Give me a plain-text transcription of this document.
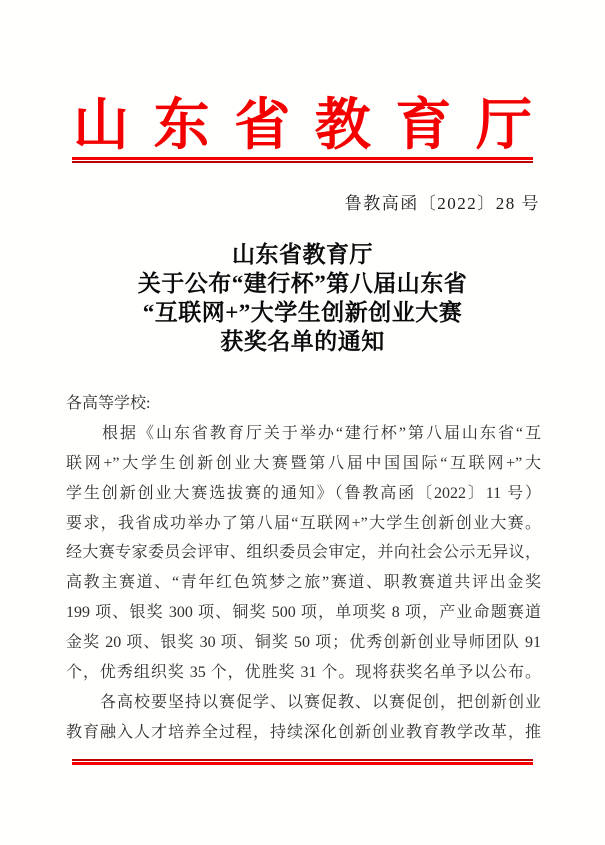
山东省教育厅
鲁教高函〔2022〕28 号
山东省教育厅
关于公布“建行杯”第八届山东省
“互联网+”大学生创新创业大赛
获奖名单的通知
各高等学校:
　　根据《山东省教育厅关于举办“建行杯”第八届山东省“互
联网+”大学生创新创业大赛暨第八届中国国际“互联网+”大
学生创新创业大赛选拔赛的通知》（鲁教高函〔2022〕11 号）
要求，我省成功举办了第八届“互联网+”大学生创新创业大赛。
经大赛专家委员会评审、组织委员会审定，并向社会公示无异议，
高教主赛道、“青年红色筑梦之旅”赛道、职教赛道共评出金奖
199 项、银奖 300 项、铜奖 500 项，单项奖 8 项，产业命题赛道
金奖 20 项、银奖 30 项、铜奖 50 项；优秀创新创业导师团队 91
个，优秀组织奖 35 个，优胜奖 31 个。现将获奖名单予以公布。
　　各高校要坚持以赛促学、以赛促教、以赛促创，把创新创业
教育融入人才培养全过程，持续深化创新创业教育教学改革，推
